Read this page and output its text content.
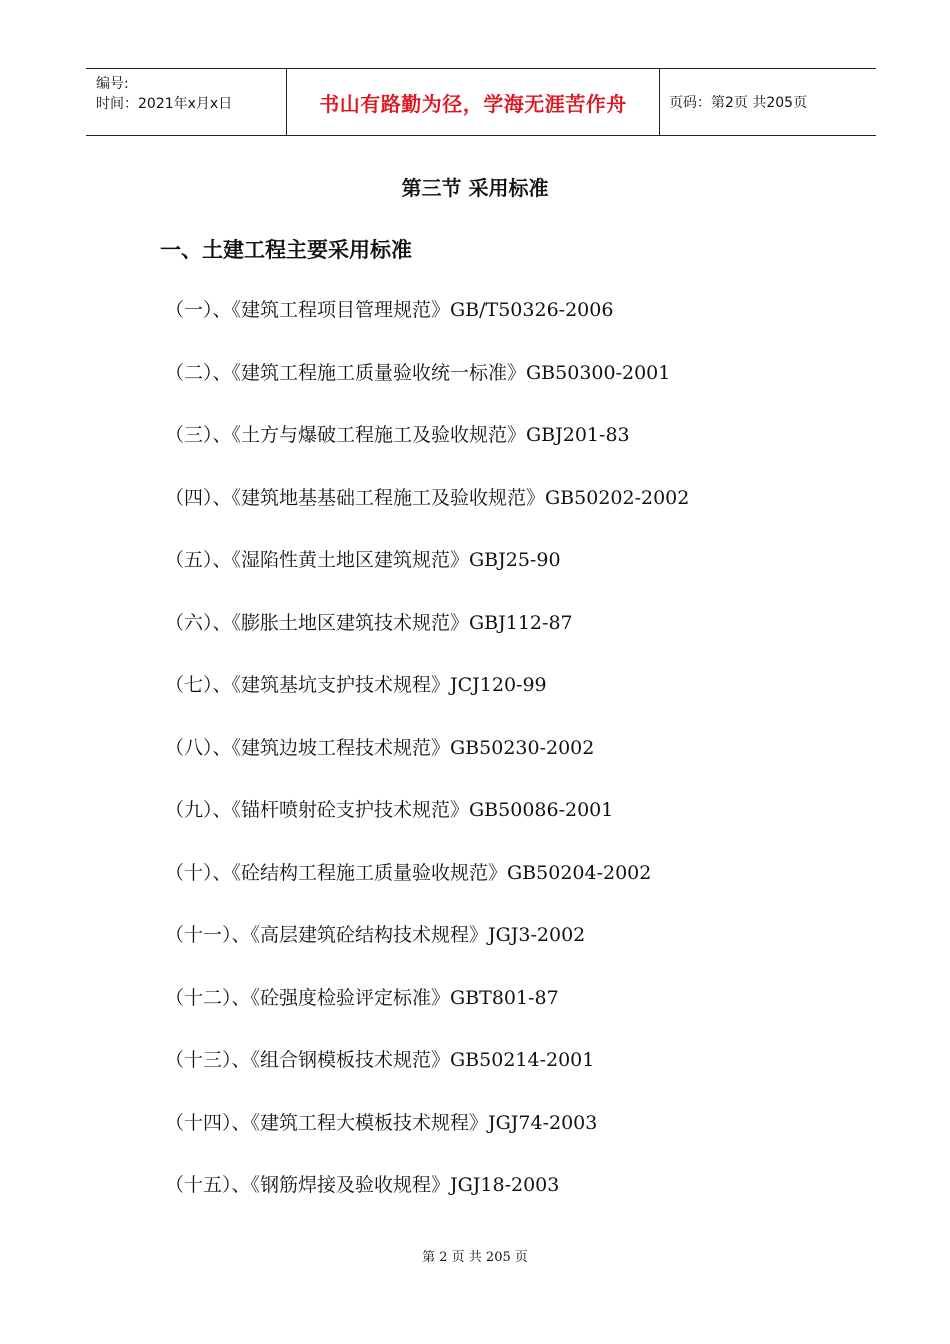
编号:
时间：2021年x月x日	书山有路勤为径，学海无涯苦作舟	页码：第2页 共205页
第三节 采用标准
一、土建工程主要采用标准
（一）、《建筑工程项目管理规范》GB/T50326-2006
（二）、《建筑工程施工质量验收统一标准》GB50300-2001
（三）、《土方与爆破工程施工及验收规范》GBJ201-83
（四）、《建筑地基基础工程施工及验收规范》GB50202-2002
（五）、《湿陷性黄土地区建筑规范》GBJ25-90
（六）、《膨胀土地区建筑技术规范》GBJ112-87
（七）、《建筑基坑支护技术规程》JCJ120-99
（八）、《建筑边坡工程技术规范》GB50230-2002
（九）、《锚杆喷射砼支护技术规范》GB50086-2001
（十）、《砼结构工程施工质量验收规范》GB50204-2002
（十一）、《高层建筑砼结构技术规程》JGJ3-2002
（十二）、《砼强度检验评定标准》GBT801-87
（十三）、《组合钢模板技术规范》GB50214-2001
（十四）、《建筑工程大模板技术规程》JGJ74-2003
（十五）、《钢筋焊接及验收规程》JGJ18-2003
第 2 页 共 205 页
